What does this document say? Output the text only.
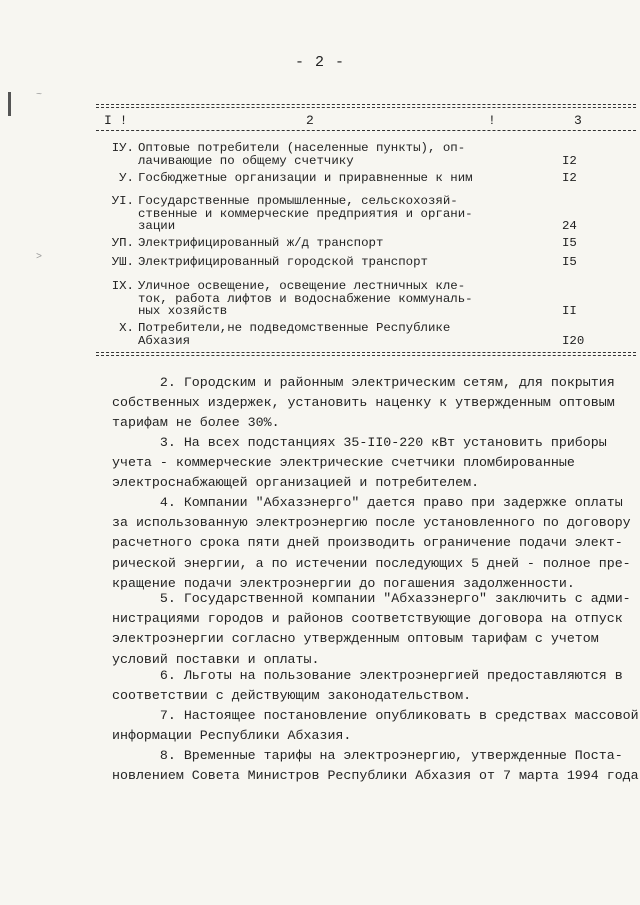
- 2 -
I !	2	!	3
IУ. Оптовые потребители (населенные пункты), оп-
лачивающие по общему счетчику	I2
У. Госбюджетные организации и приравненные к ним	I2
УI. Государственные промышленные, сельскохозяй-
ственные и коммерческие предприятия и органи-
зации	24
УП. Электрифицированный ж/д транспорт	I5
УШ. Электрифицированный городской транспорт	I5
IX. Уличное освещение, освещение лестничных кле-
ток, работа лифтов и водоснабжение коммуналь-
ных хозяйств	II
X. Потребители,не подведомственные Республике
Абхазия	I20
2. Городским и районным электрическим сетям, для покрытия
собственных издержек, установить наценку к утвержденным оптовым
тарифам не более 30%.
3. На всех подстанциях 35-II0-220 кВт установить приборы
учета - коммерческие электрические счетчики пломбированные
электроснабжающей организацией и потребителем.
4. Компании "Абхазэнерго" дается право при задержке оплаты
за использованную электроэнергию после установленного по договору
расчетного срока пяти дней производить ограничение подачи элект-
рической энергии, а по истечении последующих 5 дней - полное пре-
кращение подачи электроэнергии до погашения задолженности.
5. Государственной компании "Абхазэнерго" заключить с адми-
нистрациями городов и районов соответствующие договора на отпуск
электроэнергии согласно утвержденным оптовым тарифам с учетом
условий поставки и оплаты.
6. Льготы на пользование электроэнергией предоставляются в
соответствии с действующим законодательством.
7. Настоящее постановление опубликовать в средствах массовой
информации Республики Абхазия.
8. Временные тарифы на электроэнергию, утвержденные Поста-
новлением Совета Министров Республики Абхазия от 7 марта 1994 года
~
>
